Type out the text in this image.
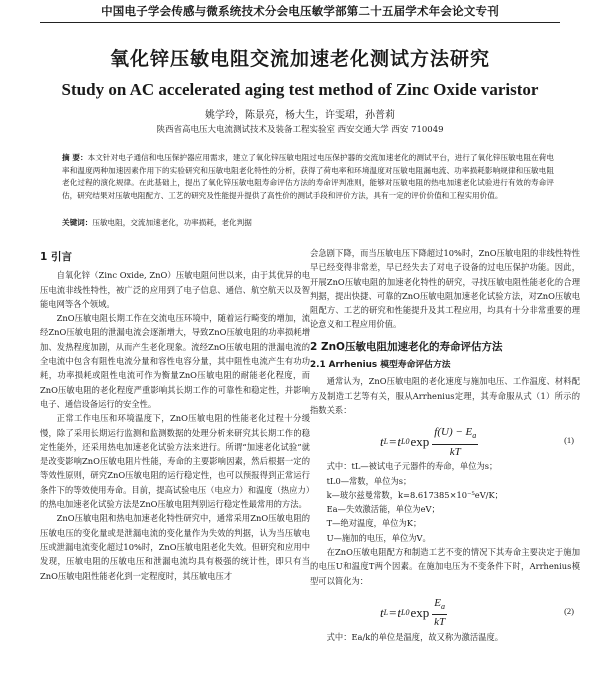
中国电子学会传感与微系统技术分会电压敏学部第二十五届学术年会论文专刊
氧化锌压敏电阻交流加速老化测试方法研究
Study on AC accelerated aging test method of Zinc Oxide varistor
姚学玲，陈景亮，杨大生，许雯珺，孙普莉
陕西省高电压大电流测试技术及装备工程实验室 西安交通大学 西安 710049
摘 要：本文针对电子通信和电压保护器应用需求，建立了氧化锌压敏电阻过电压保护器的交流加速老化的测试平台，进行了氧化锌压敏电阻在荷电率和温度两种加速因素作用下的实验研究和压敏电阻老化特性的分析，获得了荷电率和环境温度对压敏电阻漏电流、功率损耗影响规律和压敏电阻老化过程的演化规律。在此基础上，提出了氧化锌压敏电阻寿命评估方法的寿命评判准则，能够对压敏电阻的热电加速老化试验进行有效的寿命评估，研究结果对压敏电阻配方、工艺的研究及性能提升提供了高性价的测试手段和评价方法，具有一定的评价价值和工程实用价值。
关键词：压敏电阻，交流加速老化，功率损耗，老化判据
1 引言

自氧化锌（Zinc Oxide, ZnO）压敏电阻问世以来，由于其优异的电压电流非线性特性，被广泛的应用到了电子信息、通信、航空航天以及智能电网等各个领域。

ZnO压敏电阻长期工作在交流电压环境中，随着运行畸变的增加，流经ZnO压敏电阻的泄漏电流会逐渐增大，导致ZnO压敏电阻的功率损耗增加、发热程度加剧，从而产生老化现象。流经ZnO压敏电阻的泄漏电流的全电流中包含有阻性电流分量和容性电容分量，其中阻性电流产生有功功耗，功率损耗或阻性电流可作为衡量ZnO压敏电阻的耐能老化程度，而ZnO压敏电阻的老化程度严重影响其长期工作的可靠性和稳定性，并影响电子、通信设备运行的安全性。

正常工作电压和环境温度下，ZnO压敏电阻的性能老化过程十分缓慢，除了采用长期运行监测和监测数据的处理分析来研究其长期工作的稳定性能外，还采用热电加速老化试验方法来进行。所谓“加速老化试验”就是改变影响ZnO压敏电阻片性能，寿命的主要影响因素，然后根据一定的等效性原则，研究ZnO压敏电阻的运行稳定性，也可以预报得到正常运行条件下的等效使用寿命。目前，提高试验电压（电应力）和温度（热应力）的热电加速老化试验方法是ZnO压敏电阻判别运行稳定性最常用的方法。

ZnO压敏电阻和热电加速老化特性研究中，通常采用ZnO压敏电阻的压敏电压的变化量或是泄漏电流的变化量作为失效的判据，认为当压敏电压或泄漏电流变化超过10%时，ZnO压敏电阻老化失效。但研究和应用中发现，压敏电阻的压敏电压和泄漏电流均具有极强的统计性，即只有当ZnO压敏电阻性能老化到一定程度时，其压敏电压才

会急剧下降，而当压敏电压下降超过10%时，ZnO压敏电阻的非线性特性早已经变得非常差，早已经失去了对电子设备的过电压保护功能。因此，开展ZnO压敏电阻的加速老化特性的研究，寻找压敏电阻性能老化的合理判据，提出快捷、可靠的ZnO压敏电阻加速老化试验方法，对ZnO压敏电阻配方、工艺的研究和性能提升及其工程应用，均具有十分非常重要的理论意义和工程应用价值。

2 ZnO压敏电阻加速老化的寿命评估方法
2.1 Arrhenius 模型寿命评估方法

通常认为，ZnO压敏电阻的老化速度与施加电压、工作温度、材料配方及制造工艺等有关，服从Arrhenius定理，其寿命服从式（1）所示的指数关系：

t L = t L0 $\exp \frac{f(U) - E_a}{kT}$	(1)
式中：tL—被试电子元器件的寿命，单位为s；
tL0—常数，单位为s；
k—玻尔兹曼常数，k=8.617385×10⁻⁵eV/K；
Ea—失效激活能，单位为eV；
T—绝对温度，单位为K；
U—施加的电压，单位为V。

在ZnO压敏电阻配方和制造工艺不变的情况下其寿命主要决定于施加的电压U和温度T两个因素。在施加电压为不变条件下时，Arrhenius模型可以简化为：

t L = t L0 $\exp \frac{E_a}{kT}$	(2)

式中：Ea/k的单位是温度，故又称为激活温度。
